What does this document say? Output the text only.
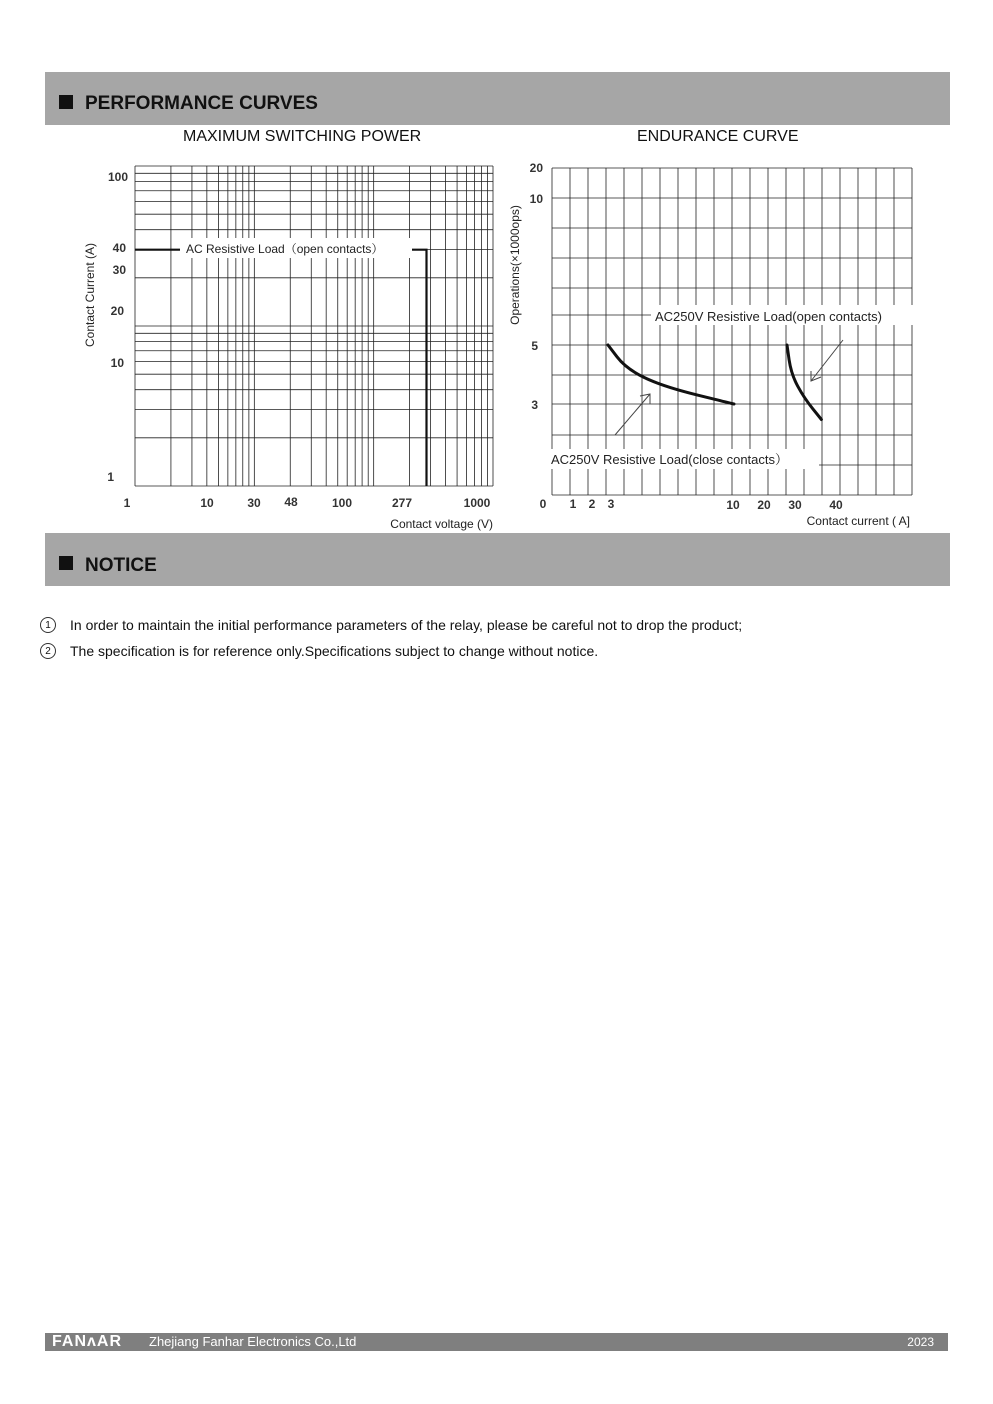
PERFORMANCE CURVES
MAXIMUM SWITCHING POWER	ENDURANCE CURVE
AC Resistive Load（open contacts）
100
40
30
20
10
1
1	10	30 48	100	277	1000
Contact voltage (V)
Contact Current (A)	AC250V Resistive Load(open contacts)
AC250V Resistive Load(close contacts）
20
10
5
3
0 1 2 3	10 20 30 40
Contact current ( A]
Operations(×1000ops)
NOTICE
1	In order to maintain the initial performance parameters of the relay, please be careful not to drop the product;
2	The specification is for reference only.Specifications subject to change without notice.
FANʌAR Zhejiang Fanhar Electronics Co.,Ltd	2023
